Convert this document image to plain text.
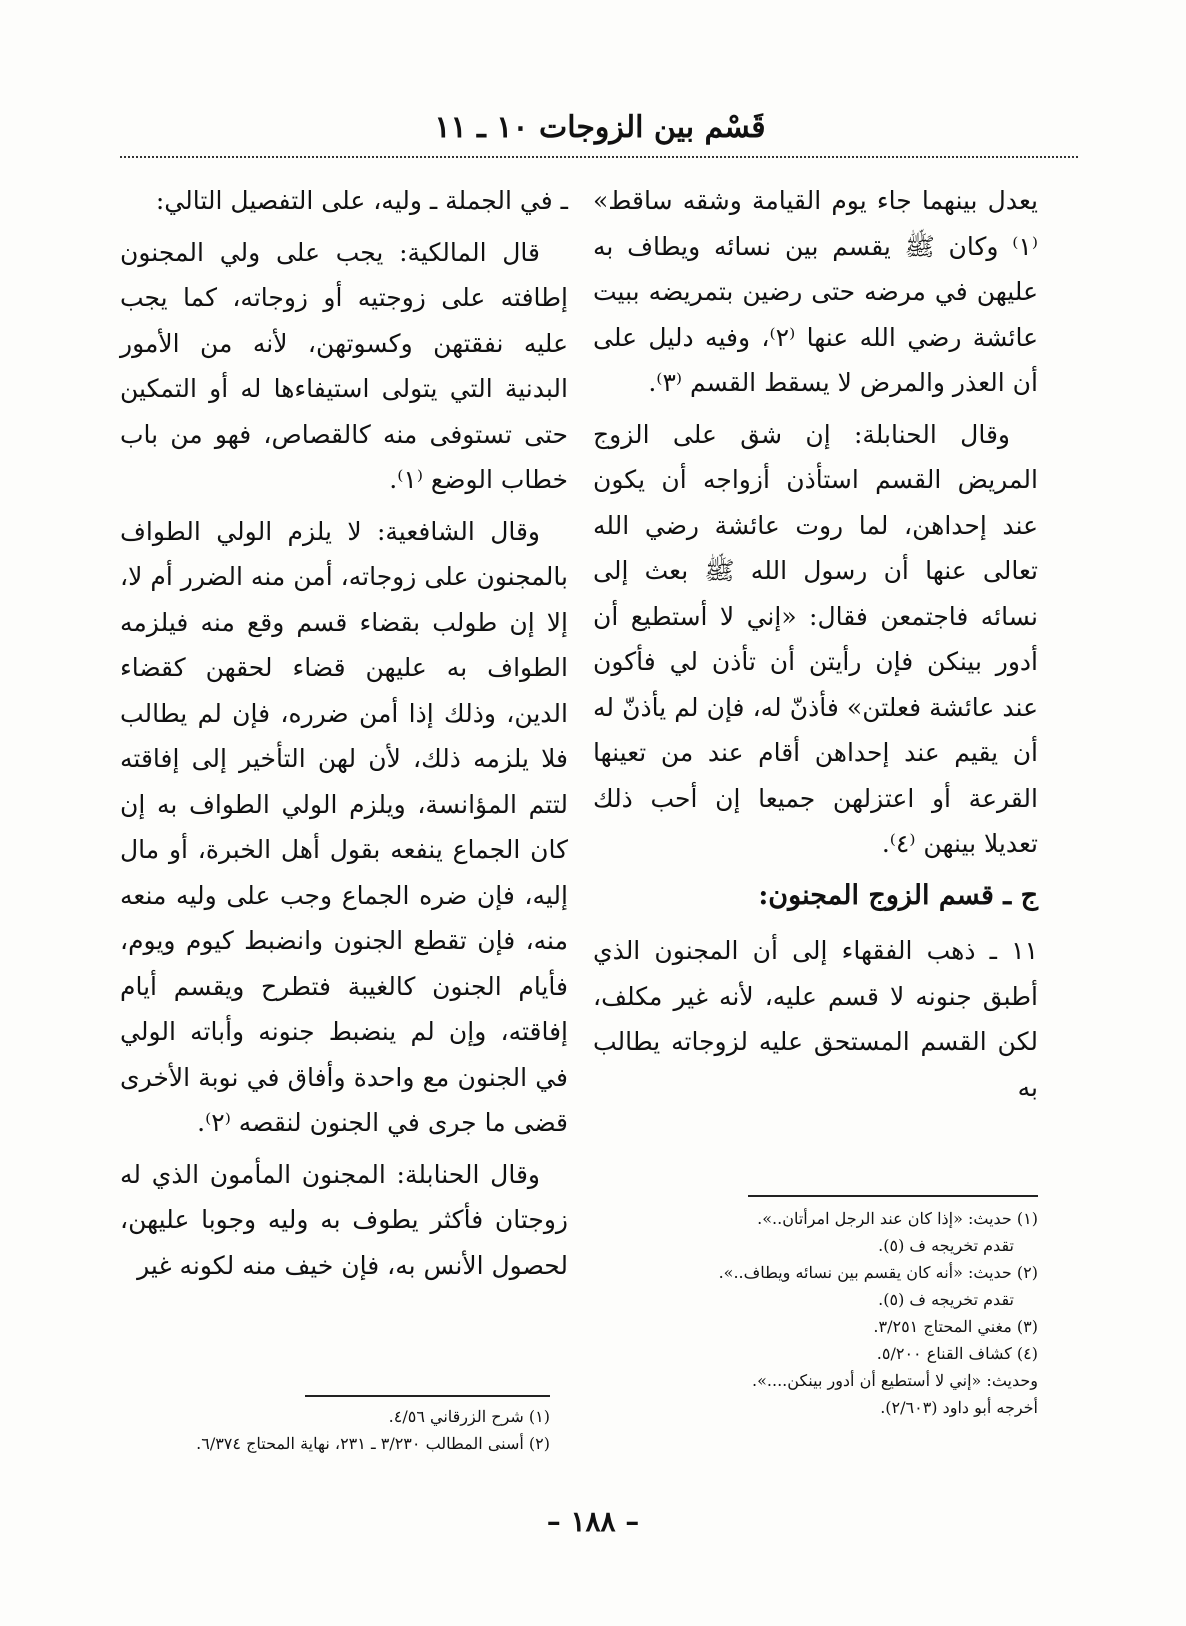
قَسْم بين الزوجات ١٠ ـ ١١

يعدل بينهما جاء يوم القيامة وشقه ساقط» ⁽١⁾ وكان ﷺ يقسم بين نسائه ويطاف به عليهن في مرضه حتى رضين بتمريضه ببيت عائشة رضي الله عنها ⁽٢⁾، وفيه دليل على أن العذر والمرض لا يسقط القسم ⁽٣⁾.

وقال الحنابلة: إن شق على الزوج المريض القسم استأذن أزواجه أن يكون عند إحداهن، لما روت عائشة رضي الله تعالى عنها أن رسول الله ﷺ بعث إلى نسائه فاجتمعن فقال: «إني لا أستطيع أن أدور بينكن فإن رأيتن أن تأذن لي فأكون عند عائشة فعلتن» فأذنّ له، فإن لم يأذنّ له أن يقيم عند إحداهن أقام عند من تعينها القرعة أو اعتزلهن جميعا إن أحب ذلك تعديلا بينهن ⁽٤⁾.

ج ـ قسم الزوج المجنون:

١١ ـ ذهب الفقهاء إلى أن المجنون الذي أطبق جنونه لا قسم عليه، لأنه غير مكلف، لكن القسم المستحق عليه لزوجاته يطالب به

ـ في الجملة ـ وليه، على التفصيل التالي:

قال المالكية: يجب على ولي المجنون إطافته على زوجتيه أو زوجاته، كما يجب عليه نفقتهن وكسوتهن، لأنه من الأمور البدنية التي يتولى استيفاءها له أو التمكين حتى تستوفى منه كالقصاص، فهو من باب خطاب الوضع ⁽١⁾.

وقال الشافعية: لا يلزم الولي الطواف بالمجنون على زوجاته، أمن منه الضرر أم لا، إلا إن طولب بقضاء قسم وقع منه فيلزمه الطواف به عليهن قضاء لحقهن كقضاء الدين، وذلك إذا أمن ضرره، فإن لم يطالب فلا يلزمه ذلك، لأن لهن التأخير إلى إفاقته لتتم المؤانسة، ويلزم الولي الطواف به إن كان الجماع ينفعه بقول أهل الخبرة، أو مال إليه، فإن ضره الجماع وجب على وليه منعه منه، فإن تقطع الجنون وانضبط كيوم ويوم، فأيام الجنون كالغيبة فتطرح ويقسم أيام إفاقته، وإن لم ينضبط جنونه وأباته الولي في الجنون مع واحدة وأفاق في نوبة الأخرى قضى ما جرى في الجنون لنقصه ⁽٢⁾.

وقال الحنابلة: المجنون المأمون الذي له زوجتان فأكثر يطوف به وليه وجوبا عليهن، لحصول الأنس به، فإن خيف منه لكونه غير

(١) حديث: «إذا كان عند الرجل امرأتان..».
تقدم تخريجه ف (٥).
(٢) حديث: «أنه كان يقسم بين نسائه ويطاف..».
تقدم تخريجه ف (٥).
(٣) مغني المحتاج ٣/٢٥١.
(٤) كشاف القناع ٥/٢٠٠.
وحديث: «إني لا أستطيع أن أدور بينكن....».
أخرجه أبو داود (٢/٦٠٣).
(١) شرح الزرقاني ٤/٥٦.
(٢) أسنى المطالب ٣/٢٣٠ ـ ٢٣١، نهاية المحتاج ٦/٣٧٤.
– ١٨٨ –
